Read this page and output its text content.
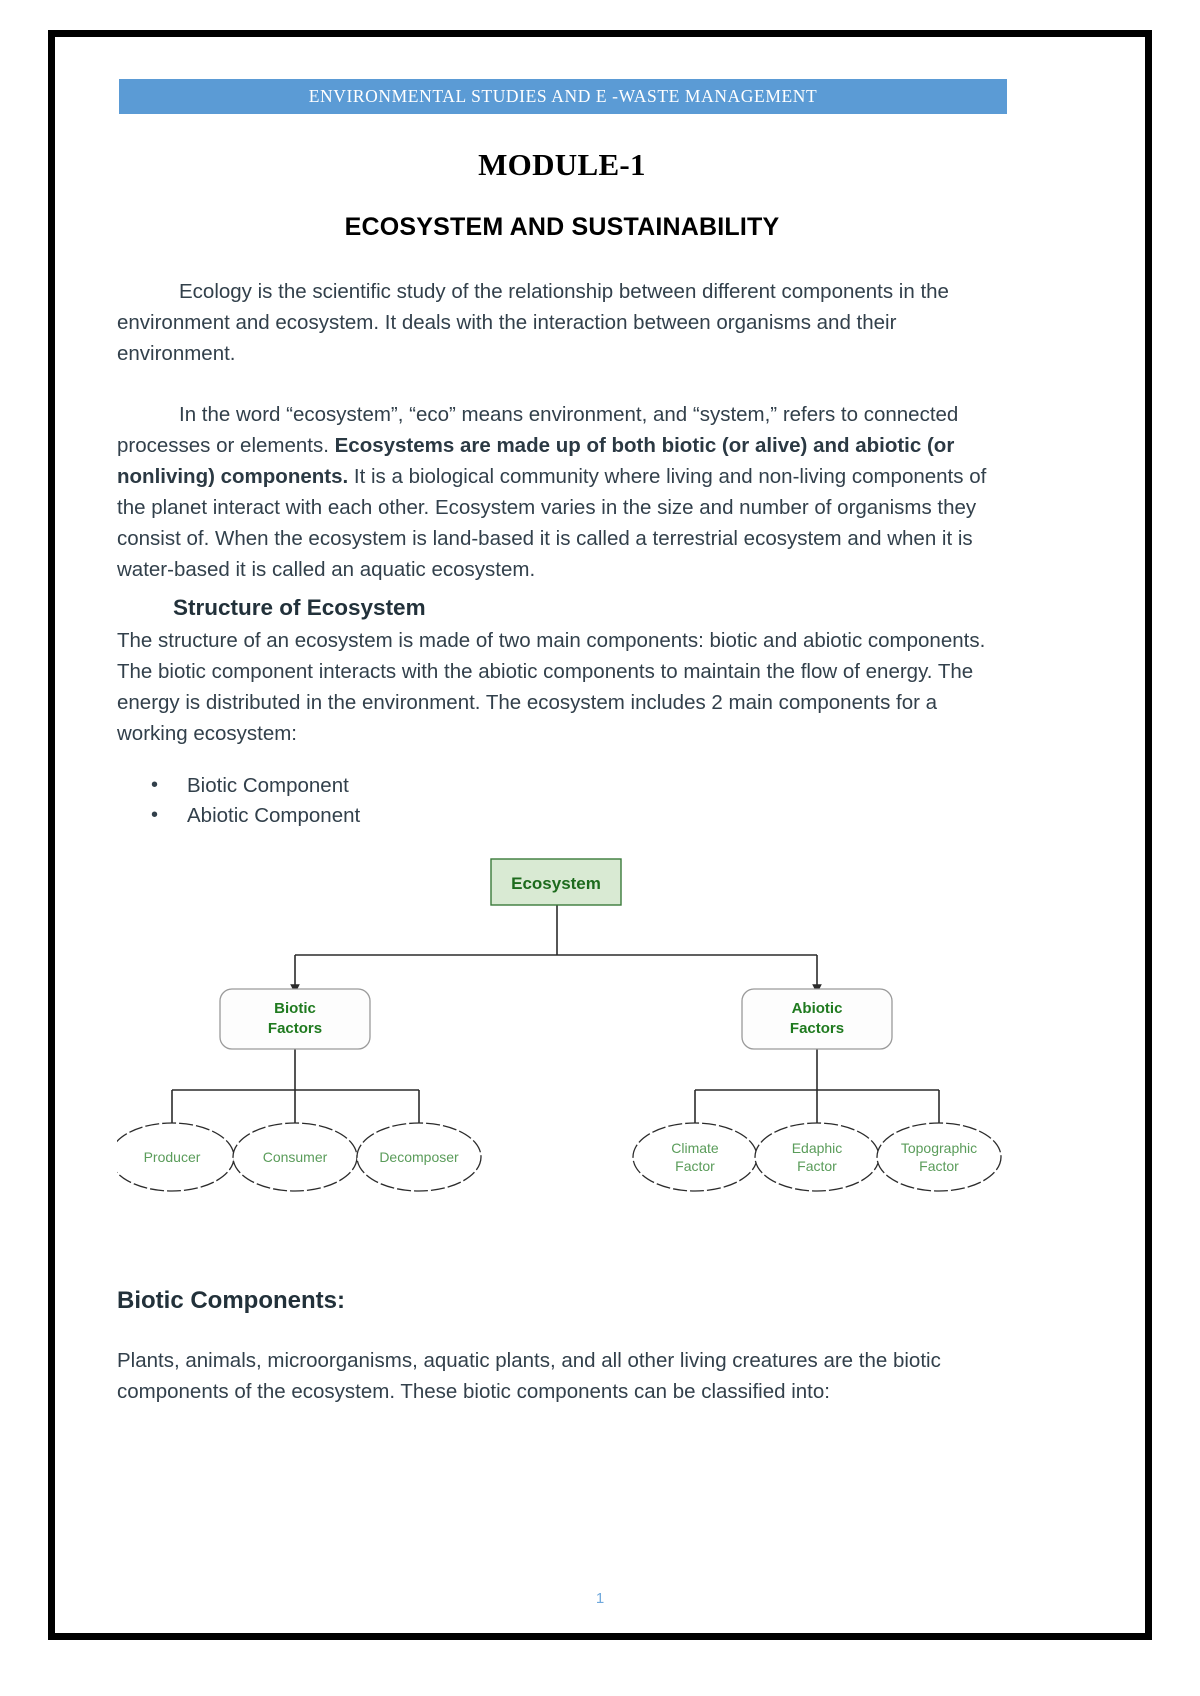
ENVIRONMENTAL STUDIES AND E -WASTE MANAGEMENT
MODULE-1
ECOSYSTEM AND SUSTAINABILITY

Ecology is the scientific study of the relationship between different components in the environment and ecosystem. It deals with the interaction between organisms and their environment.

In the word “ecosystem”, “eco” means environment, and “system,” refers to connected processes or elements. Ecosystems are made up of both biotic (or alive) and abiotic (or nonliving) components. It is a biological community where living and non-living components of the planet interact with each other. Ecosystem varies in the size and number of organisms they consist of. When the ecosystem is land-based it is called a terrestrial ecosystem and when it is water-based it is called an aquatic ecosystem.

Structure of Ecosystem

The structure of an ecosystem is made of two main components: biotic and abiotic components. The biotic component interacts with the abiotic components to maintain the flow of energy. The energy is distributed in the environment. The ecosystem includes 2 main components for a working ecosystem:

• Biotic Component
• Abiotic Component
Ecosystem
Biotic
Factors
Abiotic
Factors
Producer	Consumer	Decomposer
Climate
Factor
Edaphic
Factor
Topographic
Factor
Biotic Components:

Plants, animals, microorganisms, aquatic plants, and all other living creatures are the biotic components of the ecosystem. These biotic components can be classified into:

1
